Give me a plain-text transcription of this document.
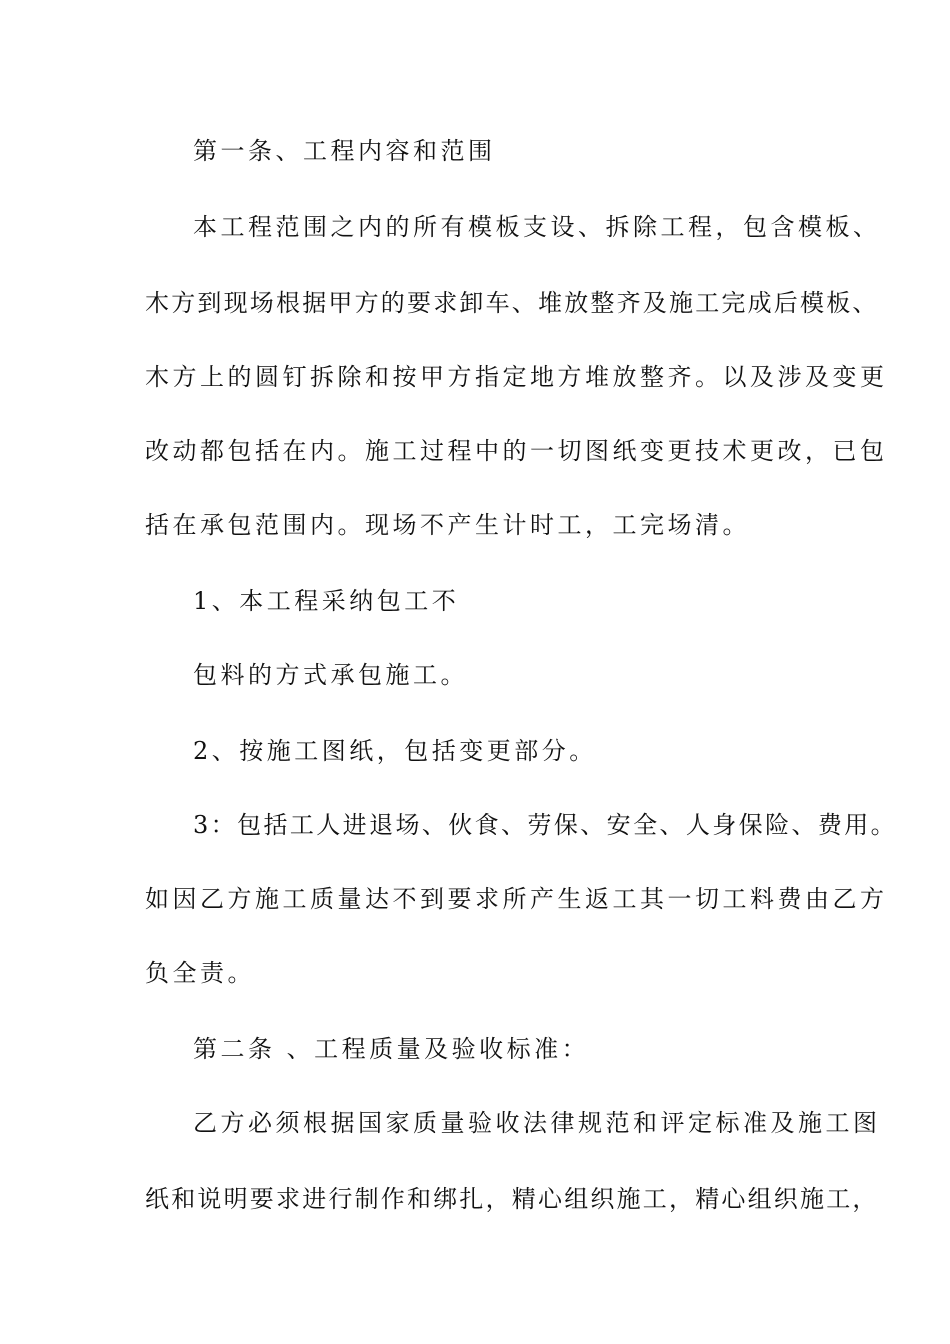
第一条、工程内容和范围

本工程范围之内的所有模板支设、拆除工程，包含模板、

木方到现场根据甲方的要求卸车、堆放整齐及施工完成后模板、

木方上的圆钉拆除和按甲方指定地方堆放整齐。以及涉及变更

改动都包括在内。施工过程中的一切图纸变更技术更改，已包

括在承包范围内。现场不产生计时工，工完场清。

1、本工程采纳包工不

包料的方式承包施工。

2、按施工图纸，包括变更部分。

3：包括工人进退场、伙食、劳保、安全、人身保险、费用。

如因乙方施工质量达不到要求所产生返工其一切工料费由乙方

负全责。

第二条 、工程质量及验收标准：

乙方必须根据国家质量验收法律规范和评定标准及施工图

纸和说明要求进行制作和绑扎，精心组织施工，精心组织施工，
